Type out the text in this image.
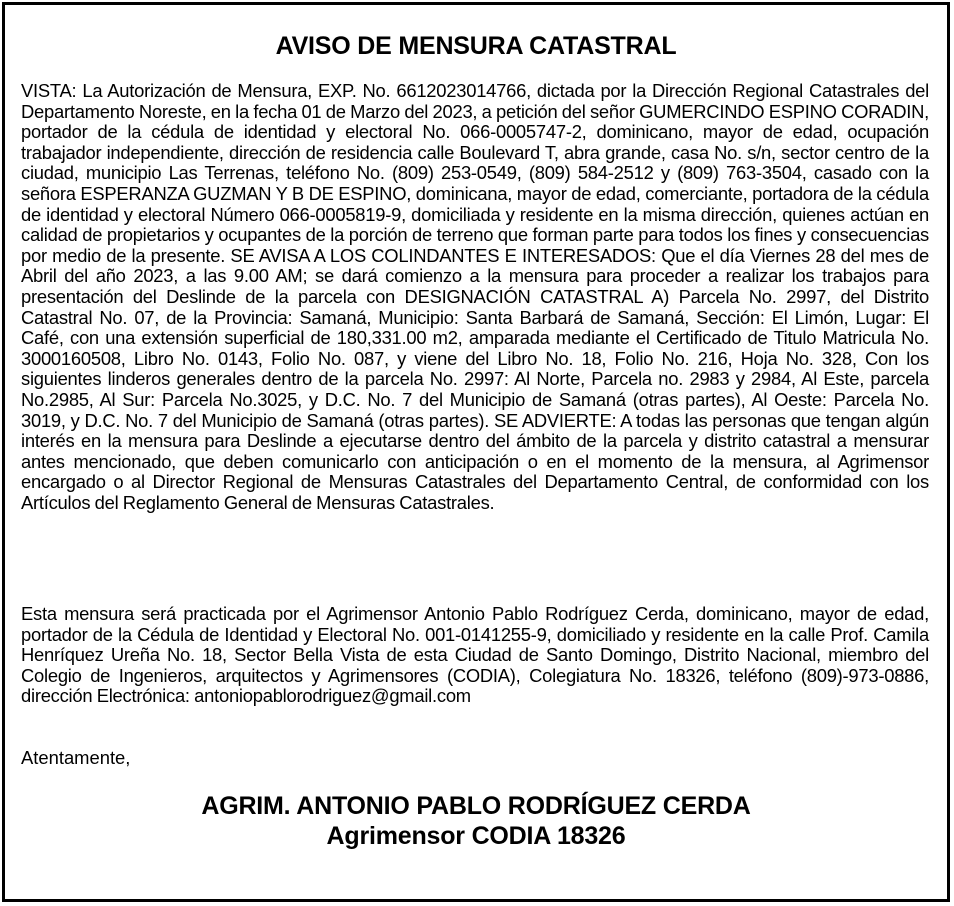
AVISO DE MENSURA CATASTRAL
VISTA: La Autorización de Mensura, EXP. No. 6612023014766, dictada por la Dirección Regional Catastrales del Departamento Noreste, en la fecha 01 de Marzo del 2023, a petición del señor GUMERCINDO ESPINO CORADIN, portador de la cédula de identidad y electoral No. 066-0005747-2, dominicano, mayor de edad, ocupación trabajador independiente, dirección de residencia calle Boulevard T, abra grande, casa No. s/n, sector centro de la ciudad, municipio Las Terrenas, teléfono No. (809) 253-0549, (809) 584-2512 y (809) 763-3504, casado con la señora ESPERANZA GUZMAN Y B DE ESPINO, dominicana, mayor de edad, comerciante, portadora de la cédula de identidad y electoral Número 066-0005819-9, domiciliada y residente en la misma dirección, quienes actúan en calidad de propietarios y ocupantes de la porción de terreno que forman parte para todos los fines y consecuencias por medio de la presente. SE AVISA A LOS COLINDANTES E INTERESADOS: Que el día Viernes 28 del mes de Abril del año 2023, a las 9.00 AM; se dará comienzo a la mensura para proceder a realizar los trabajos para presentación del Deslinde de la parcela con DESIGNACIÓN CATASTRAL A) Parcela No. 2997, del Distrito Catastral No. 07, de la Provincia: Samaná, Municipio: Santa Barbará de Samaná, Sección: El Limón, Lugar: El Café, con una extensión superficial de 180,331.00 m2, amparada mediante el Certificado de Titulo Matricula No. 3000160508, Libro No. 0143, Folio No. 087, y viene del Libro No. 18, Folio No. 216, Hoja No. 328, Con los siguientes linderos generales dentro de la parcela No. 2997: Al Norte, Parcela no. 2983 y 2984, Al Este, parcela No.2985, Al Sur: Parcela No.3025, y D.C. No. 7 del Municipio de Samaná (otras partes), Al Oeste: Parcela No. 3019, y D.C. No. 7 del Municipio de Samaná (otras partes). SE ADVIERTE: A todas las personas que tengan algún interés en la mensura para Deslinde a ejecutarse dentro del ámbito de la parcela y distrito catastral a mensurar antes mencionado, que deben comunicarlo con anticipación o en el momento de la mensura, al Agrimensor encargado o al Director Regional de Mensuras Catastrales del Departamento Central, de conformidad con los Artículos del Reglamento General de Mensuras Catastrales.
Esta mensura será practicada por el Agrimensor Antonio Pablo Rodríguez Cerda, dominicano, mayor de edad, portador de la Cédula de Identidad y Electoral No. 001-0141255-9, domiciliado y residente en la calle Prof. Camila Henríquez Ureña No. 18, Sector Bella Vista de esta Ciudad de Santo Domingo, Distrito Nacional, miembro del Colegio de Ingenieros, arquitectos y Agrimensores (CODIA), Colegiatura No. 18326, teléfono (809)-973-0886, dirección Electrónica: antoniopablorodriguez@gmail.com
Atentamente,
AGRIM. ANTONIO PABLO RODRÍGUEZ CERDA
Agrimensor CODIA 18326
